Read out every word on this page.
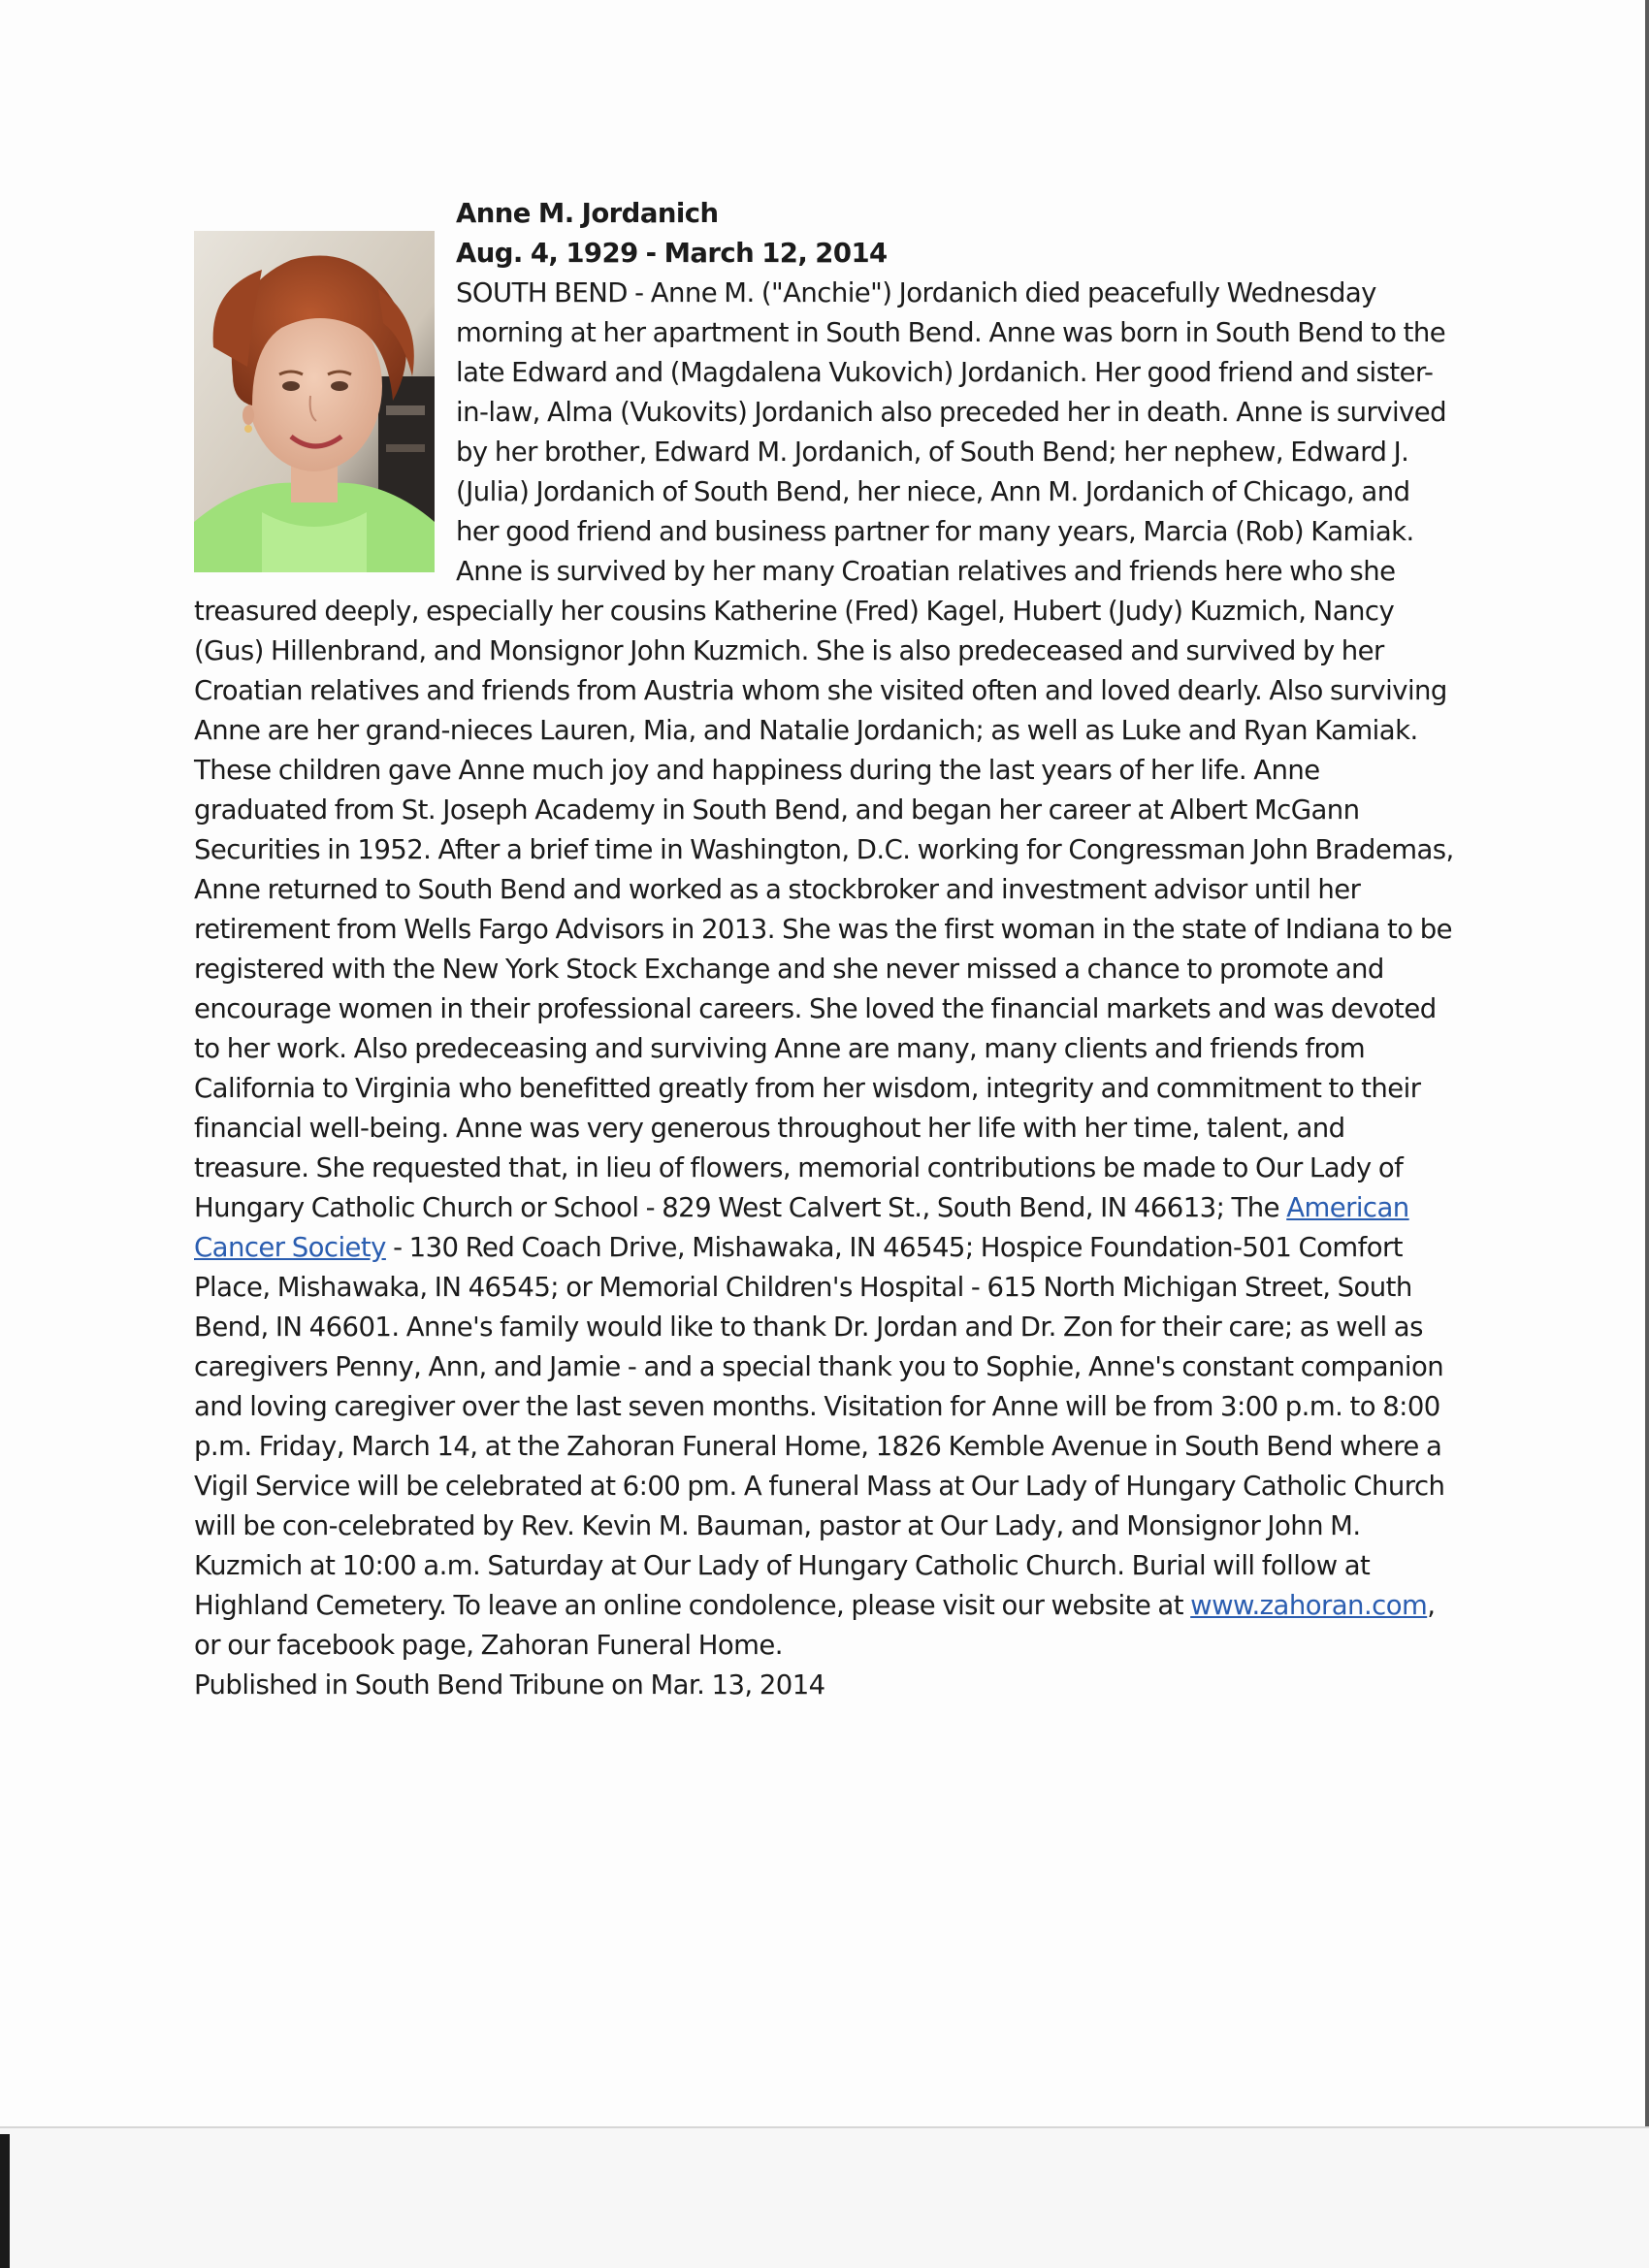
Anne M. Jordanich
Aug. 4, 1929 - March 12, 2014

SOUTH BEND - Anne M. ("Anchie") Jordanich died peacefully Wednesday morning at her apartment in South Bend. Anne was born in South Bend to the late Edward and (Magdalena Vukovich) Jordanich. Her good friend and sister-in-law, Alma (Vukovits) Jordanich also preceded her in death. Anne is survived by her brother, Edward M. Jordanich, of South Bend; her nephew, Edward J. (Julia) Jordanich of South Bend, her niece, Ann M. Jordanich of Chicago, and her good friend and business partner for many years, Marcia (Rob) Kamiak. Anne is survived by her many Croatian relatives and friends here who she treasured deeply, especially her cousins Katherine (Fred) Kagel, Hubert (Judy) Kuzmich, Nancy (Gus) Hillenbrand, and Monsignor John Kuzmich. She is also predeceased and survived by her Croatian relatives and friends from Austria whom she visited often and loved dearly. Also surviving Anne are her grand-nieces Lauren, Mia, and Natalie Jordanich; as well as Luke and Ryan Kamiak. These children gave Anne much joy and happiness during the last years of her life. Anne graduated from St. Joseph Academy in South Bend, and began her career at Albert McGann Securities in 1952. After a brief time in Washington, D.C. working for Congressman John Brademas, Anne returned to South Bend and worked as a stockbroker and investment advisor until her retirement from Wells Fargo Advisors in 2013. She was the first woman in the state of Indiana to be registered with the New York Stock Exchange and she never missed a chance to promote and encourage women in their professional careers. She loved the financial markets and was devoted to her work. Also predeceasing and surviving Anne are many, many clients and friends from California to Virginia who benefitted greatly from her wisdom, integrity and commitment to their financial well-being. Anne was very generous throughout her life with her time, talent, and treasure. She requested that, in lieu of flowers, memorial contributions be made to Our Lady of Hungary Catholic Church or School - 829 West Calvert St., South Bend, IN 46613; The American Cancer Society - 130 Red Coach Drive, Mishawaka, IN 46545; Hospice Foundation-501 Comfort Place, Mishawaka, IN 46545; or Memorial Children's Hospital - 615 North Michigan Street, South Bend, IN 46601. Anne's family would like to thank Dr. Jordan and Dr. Zon for their care; as well as caregivers Penny, Ann, and Jamie - and a special thank you to Sophie, Anne's constant companion and loving caregiver over the last seven months. Visitation for Anne will be from 3:00 p.m. to 8:00 p.m. Friday, March 14, at the Zahoran Funeral Home, 1826 Kemble Avenue in South Bend where a Vigil Service will be celebrated at 6:00 pm. A funeral Mass at Our Lady of Hungary Catholic Church will be con-celebrated by Rev. Kevin M. Bauman, pastor at Our Lady, and Monsignor John M. Kuzmich at 10:00 a.m. Saturday at Our Lady of Hungary Catholic Church. Burial will follow at Highland Cemetery. To leave an online condolence, please visit our website at www.zahoran.com, or our facebook page, Zahoran Funeral Home.

Published in South Bend Tribune on Mar. 13, 2014
